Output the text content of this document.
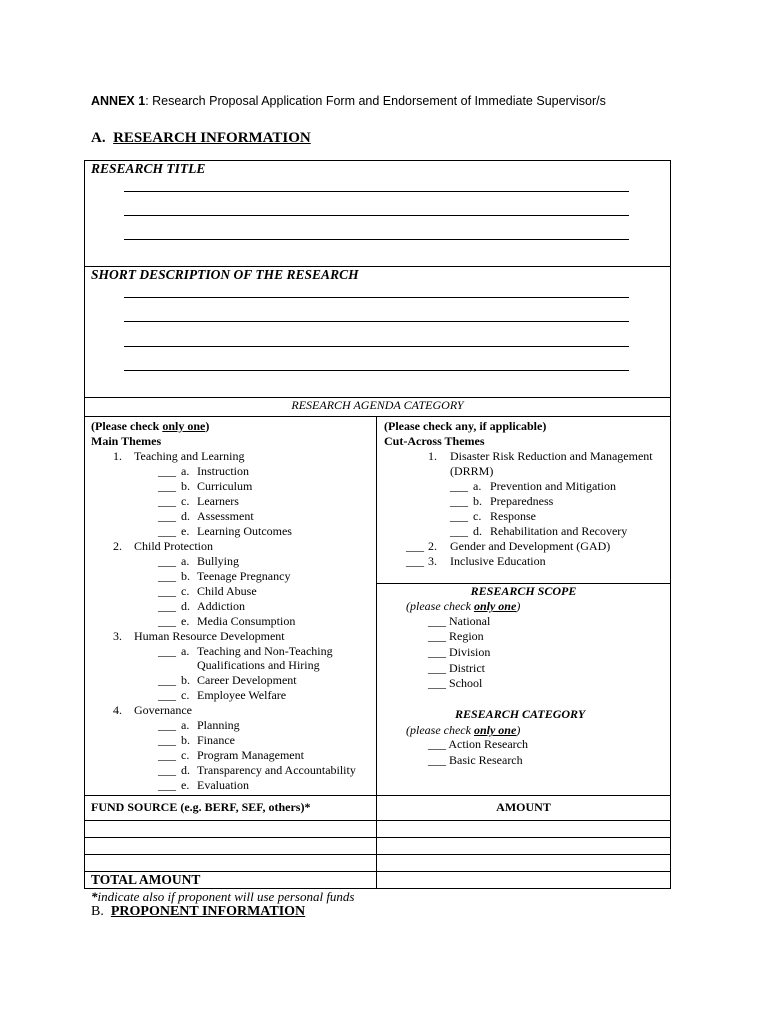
ANNEX 1: Research Proposal Application Form and Endorsement of Immediate Supervisor/s
A. RESEARCH INFORMATION
RESEARCH TITLE
SHORT DESCRIPTION OF THE RESEARCH
RESEARCH AGENDA CATEGORY
(Please check only one)
Main Themes
1. Teaching and Learning
___ a. Instruction
___ b. Curriculum
___ c. Learners
___ d. Assessment
___ e. Learning Outcomes
2. Child Protection
___ a. Bullying
___ b. Teenage Pregnancy
___ c. Child Abuse
___ d. Addiction
___ e. Media Consumption
3. Human Resource Development
___ a. Teaching and Non-Teaching
Qualifications and Hiring
___ b. Career Development
___ c. Employee Welfare
4. Governance
___ a. Planning
___ b. Finance
___ c. Program Management
___ d. Transparency and Accountability
___ e. Evaluation
(Please check any, if applicable)
Cut-Across Themes
1. Disaster Risk Reduction and Management
(DRRM)
___ a. Prevention and Mitigation
___ b. Preparedness
___ c. Response
___ d. Rehabilitation and Recovery
___ 2. Gender and Development (GAD)
___ 3. Inclusive Education
RESEARCH SCOPE
(please check only one)
___ National
___ Region
___ Division
___ District
___ School
RESEARCH CATEGORY
(please check only one)
___ Action Research
___ Basic Research
FUND SOURCE (e.g. BERF, SEF, others)*	AMOUNT
TOTAL AMOUNT
*indicate also if proponent will use personal funds
B. PROPONENT INFORMATION
